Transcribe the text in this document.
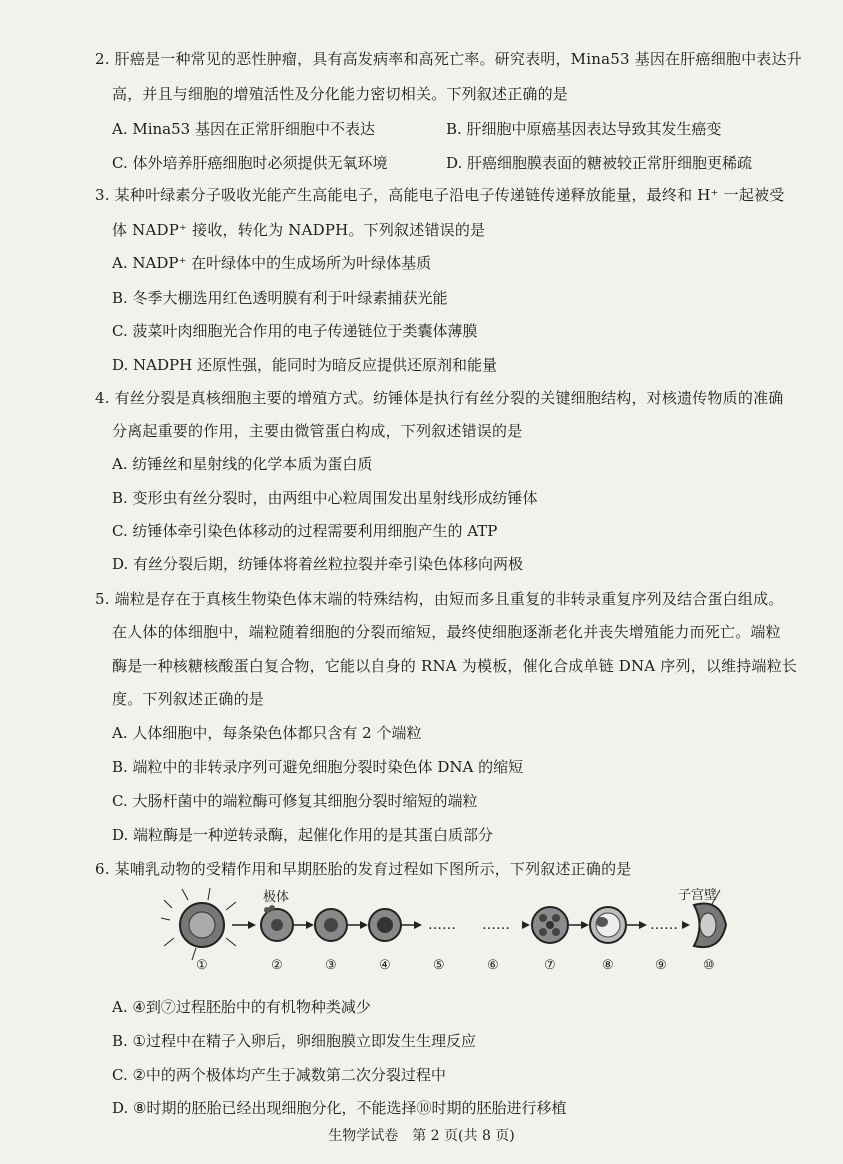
2. 肝癌是一种常见的恶性肿瘤，具有高发病率和高死亡率。研究表明，Mina53 基因在肝癌细胞中表达升
高，并且与细胞的增殖活性及分化能力密切相关。下列叙述正确的是
A. Mina53 基因在正常肝细胞中不表达	B. 肝细胞中原癌基因表达导致其发生癌变
C. 体外培养肝癌细胞时必须提供无氧环境	D. 肝癌细胞膜表面的糖被较正常肝细胞更稀疏
3. 某种叶绿素分子吸收光能产生高能电子，高能电子沿电子传递链传递释放能量，最终和 H⁺ 一起被受
体 NADP⁺ 接收，转化为 NADPH。下列叙述错误的是
A. NADP⁺ 在叶绿体中的生成场所为叶绿体基质
B. 冬季大棚选用红色透明膜有利于叶绿素捕获光能
C. 菠菜叶肉细胞光合作用的电子传递链位于类囊体薄膜
D. NADPH 还原性强，能同时为暗反应提供还原剂和能量
4. 有丝分裂是真核细胞主要的增殖方式。纺锤体是执行有丝分裂的关键细胞结构，对核遗传物质的准确
分离起重要的作用，主要由微管蛋白构成，下列叙述错误的是
A. 纺锤丝和星射线的化学本质为蛋白质
B. 变形虫有丝分裂时，由两组中心粒周围发出星射线形成纺锤体
C. 纺锤体牵引染色体移动的过程需要利用细胞产生的 ATP
D. 有丝分裂后期，纺锤体将着丝粒拉裂并牵引染色体移向两极
5. 端粒是存在于真核生物染色体末端的特殊结构，由短而多且重复的非转录重复序列及结合蛋白组成。
在人体的体细胞中，端粒随着细胞的分裂而缩短，最终使细胞逐渐老化并丧失增殖能力而死亡。端粒
酶是一种核糖核酸蛋白复合物，它能以自身的 RNA 为模板，催化合成单链 DNA 序列，以维持端粒长
度。下列叙述正确的是
A. 人体细胞中，每条染色体都只含有 2 个端粒
B. 端粒中的非转录序列可避免细胞分裂时染色体 DNA 的缩短
C. 大肠杆菌中的端粒酶可修复其细胞分裂时缩短的端粒
D. 端粒酶是一种逆转录酶，起催化作用的是其蛋白质部分
6. 某哺乳动物的受精作用和早期胚胎的发育过程如下图所示，下列叙述正确的是
…… ……	……
极体	子宫壁
①	②	③	④	⑤	⑥	⑦	⑧	⑨	⑩
A. ④到⑦过程胚胎中的有机物种类减少
B. ①过程中在精子入卵后，卵细胞膜立即发生生理反应
C. ②中的两个极体均产生于减数第二次分裂过程中
D. ⑧时期的胚胎已经出现细胞分化，不能选择⑩时期的胚胎进行移植
生物学试卷　第 2 页(共 8 页)
